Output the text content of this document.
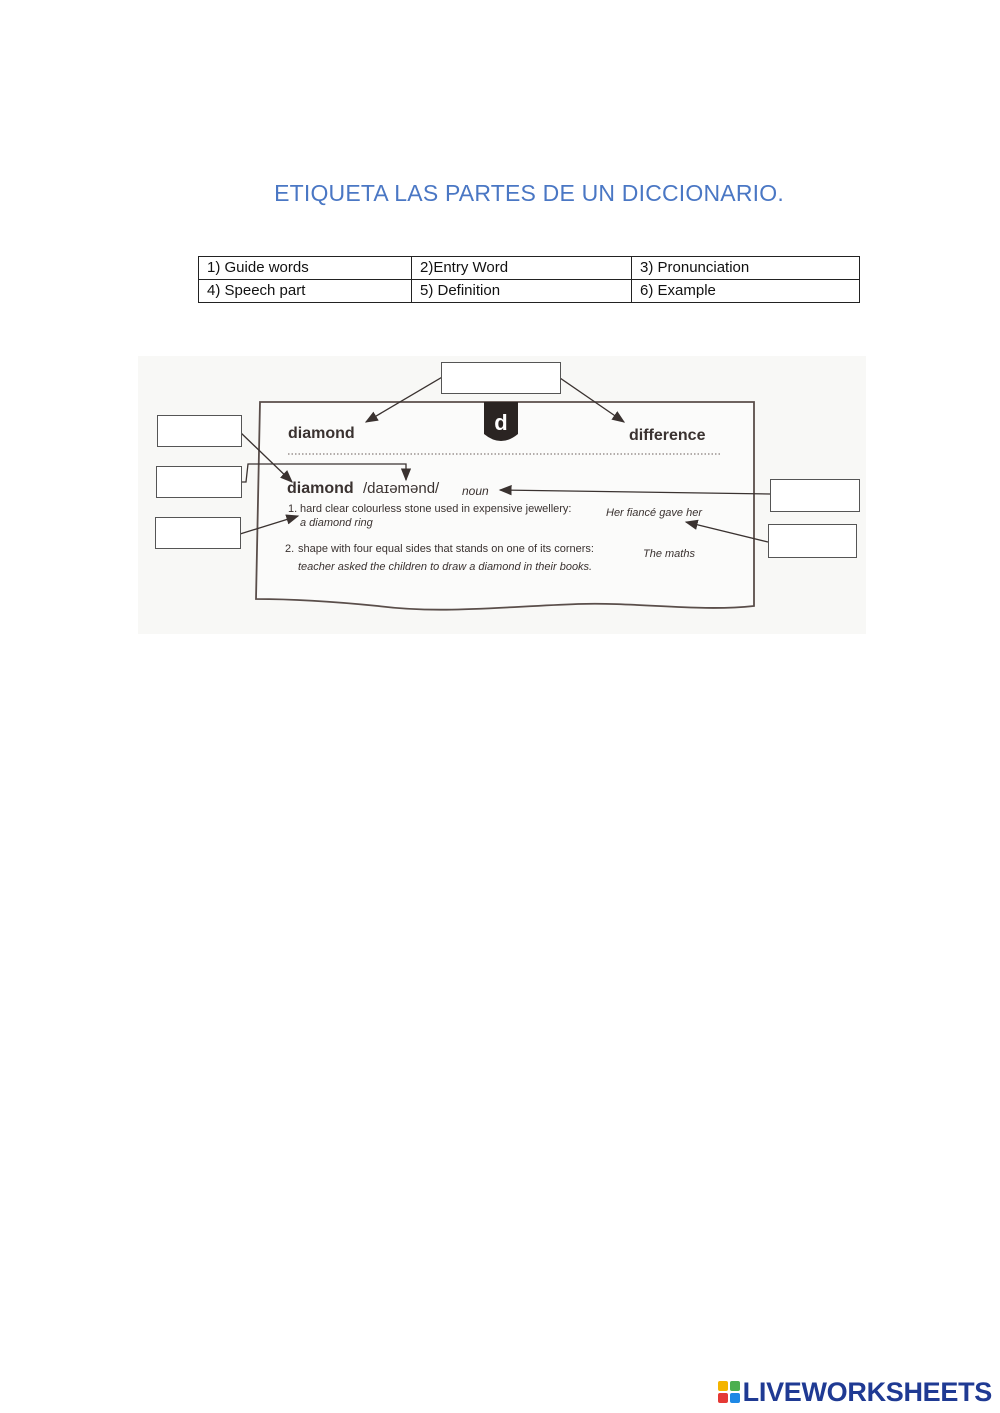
ETIQUETA LAS PARTES DE UN DICCIONARIO.
1) Guide words	2)Entry Word	3) Pronunciation
4) Speech part	5) Definition	6) Example
d
diamond	difference
diamond /daɪəmənd/ noun
1. hard clear colourless stone used in expensive jewellery:	Her fiancé gave her
a diamond ring
2. shape with four equal sides that stands on one of its corners:	The maths
teacher asked the children to draw a diamond in their books.
LIVEWORKSHEETS
